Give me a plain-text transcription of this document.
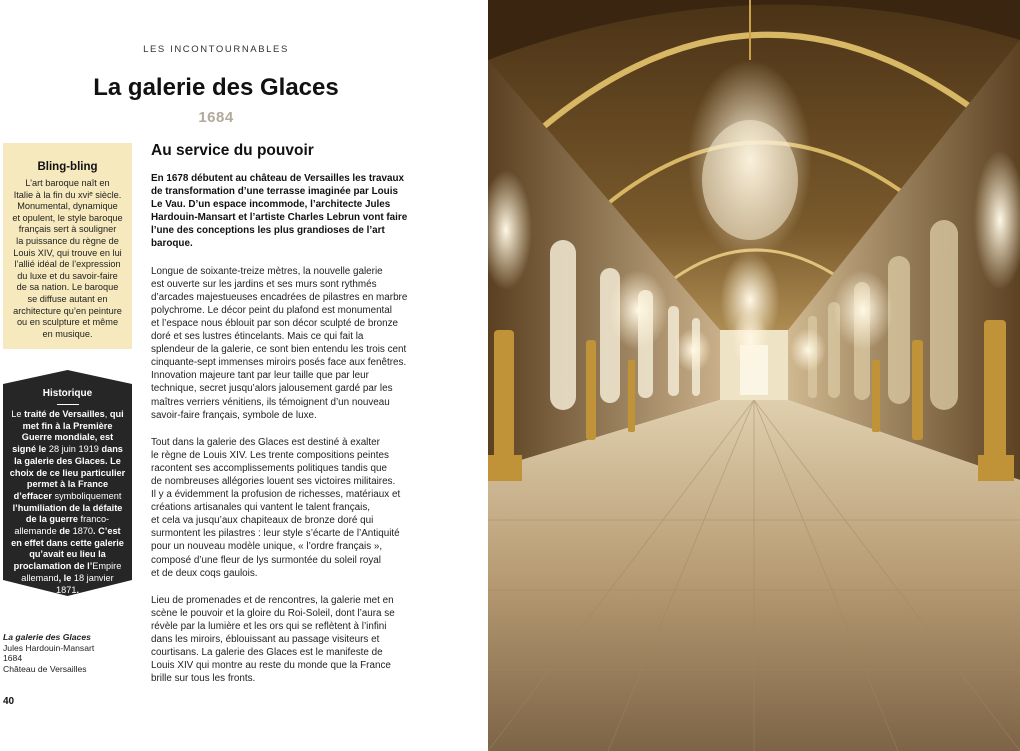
LES INCONTOURNABLES
La galerie des Glaces
1684
Bling-bling
L’art baroque naît en
Italie à la fin du xviᵉ siècle.
Monumental, dynamique
et opulent, le style baroque
français sert à souligner
la puissance du règne de
Louis XIV, qui trouve en lui
l’allié idéal de l’expression
du luxe et du savoir-faire
de sa nation. Le baroque
se diffuse autant en
architecture qu’en peinture
ou en sculpture et même
en musique.
Historique
Le traité de Versailles, qui met fin à la Première Guerre mondiale, est signé le 28 juin 1919 dans la galerie des Glaces. Le choix de ce lieu particulier permet à la France d’effacer symboliquement l’humiliation de la défaite de la guerre franco-allemande de 1870. C’est en effet dans cette galerie qu’avait eu lieu la proclamation de l’Empire allemand, le 18 janvier 1871.
La galerie des Glaces
Jules Hardouin-Mansart
1684
Château de Versailles
40
Au service du pouvoir
En 1678 débutent au château de Versailles les travaux
de transformation d’une terrasse imaginée par Louis
Le Vau. D’un espace incommode, l’architecte Jules
Hardouin-Mansart et l’artiste Charles Lebrun vont faire
l’une des conceptions les plus grandioses de l’art
baroque.
Longue de soixante-treize mètres, la nouvelle galerie
est ouverte sur les jardins et ses murs sont rythmés
d’arcades majestueuses encadrées de pilastres en marbre
polychrome. Le décor peint du plafond est monumental
et l’espace nous éblouit par son décor sculpté de bronze
doré et ses lustres étincelants. Mais ce qui fait la
splendeur de la galerie, ce sont bien entendu les trois cent
cinquante-sept immenses miroirs posés face aux fenêtres.
Innovation majeure tant par leur taille que par leur
technique, secret jusqu’alors jalousement gardé par les
maîtres verriers vénitiens, ils témoignent d’un nouveau
savoir-faire français, symbole de luxe.
Tout dans la galerie des Glaces est destiné à exalter
le règne de Louis XIV. Les trente compositions peintes
racontent ses accomplissements politiques tandis que
de nombreuses allégories louent ses victoires militaires.
Il y a évidemment la profusion de richesses, matériaux et
créations artisanales qui vantent le talent français,
et cela va jusqu’aux chapiteaux de bronze doré qui
surmontent les pilastres : leur style s’écarte de l’Antiquité
pour un nouveau modèle unique, « l’ordre français »,
composé d’une fleur de lys surmontée du soleil royal
et de deux coqs gaulois.
Lieu de promenades et de rencontres, la galerie met en
scène le pouvoir et la gloire du Roi-Soleil, dont l’aura se
révèle par la lumière et les ors qui se reflètent à l’infini
dans les miroirs, éblouissant au passage visiteurs et
courtisans. La galerie des Glaces est le manifeste de
Louis XIV qui montre au reste du monde que la France
brille sur tous les fronts.
